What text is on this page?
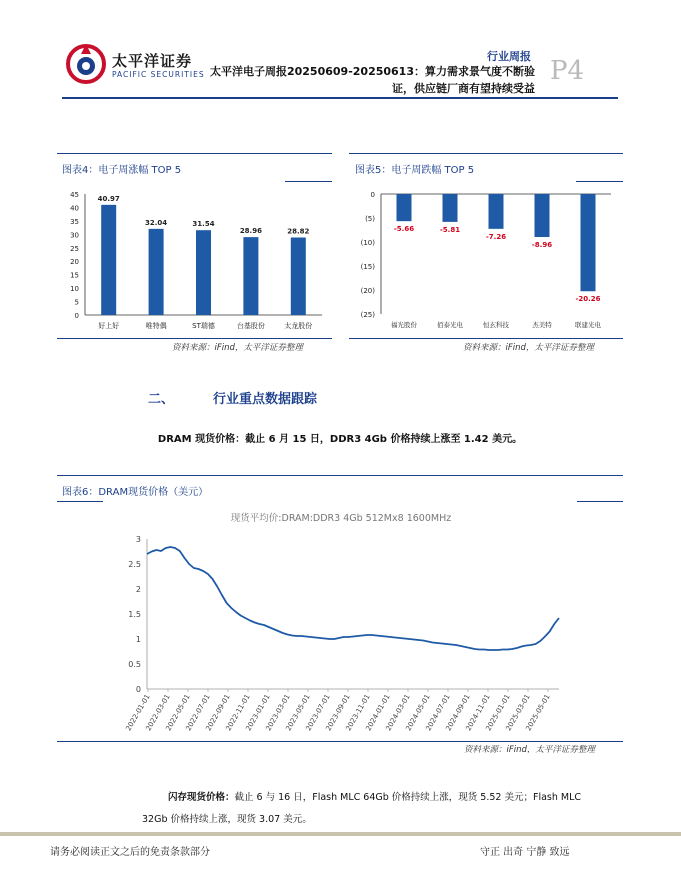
太平洋证券
PACIFIC SECURITIES
行业周报
太平洋电子周报20250609-20250613：算力需求景气度不断验
证，供应链厂商有望持续受益
P4
图表4：电子周涨幅 TOP 5
0
5
10
15
20
25
30
35
40
45	40.97
好上好
32.04
唯特偶
31.54
ST瑞德
28.96
台基股份
28.82
太龙股份
资料来源：iFind，太平洋证券整理
图表5：电子周跌幅 TOP 5
0
(5)
(10)
(15)
(20)
(25)
-5.66
福光股份
-5.81
佰泰光电
-7.26
恒玄科技
-8.96
杰美特
-20.26
联建光电
资料来源：iFind，太平洋证券整理
二、	行业重点数据跟踪
DRAM 现货价格：截止 6 月 15 日，DDR3 4Gb 价格持续上涨至 1.42 美元。
图表6：DRAM现货价格（美元）
现货平均价:DRAM:DDR3 4Gb 512Mx8 1600MHz
0
0.5
1
1.5
2
2.5
3
2022-01-01
2022-03-01
2022-05-01
2022-07-01
2022-09-01
2022-11-01
2023-01-01
2023-03-01
2023-05-01
2023-07-01
2023-09-01
2023-11-01
2024-01-01
2024-03-01
2024-05-01
2024-07-01
2024-09-01
2024-11-01
2025-01-01
2025-03-01
2025-05-01
资料来源：iFind，太平洋证券整理
闪存现货价格：截止 6 与 16 日，Flash MLC 64Gb 价格持续上涨，现货 5.52 美元；Flash MLC
32Gb 价格持续上涨，现货 3.07 美元。
请务必阅读正文之后的免责条款部分	守正 出奇 宁静 致远
